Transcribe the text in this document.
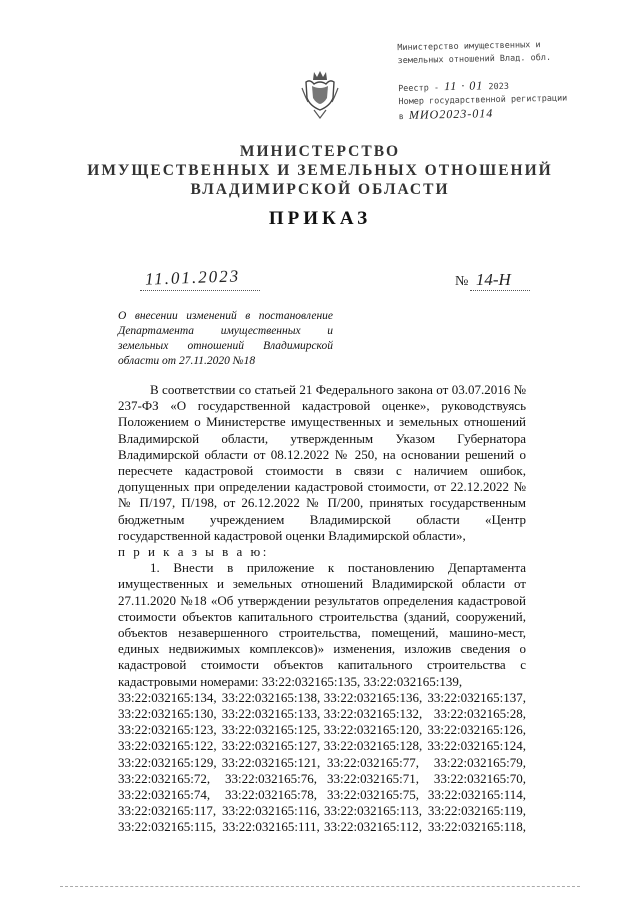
Министерство имущественных и
земельных отношений Влад. обл.

Реестр - 11 · 01 2023
Номер государственной регистрации
в МИО2023-014
МИНИСТЕРСТВО
ИМУЩЕСТВЕННЫХ И ЗЕМЕЛЬНЫХ ОТНОШЕНИЙ
ВЛАДИМИРСКОЙ ОБЛАСТИ
ПРИКАЗ
11.01.2023	№ 14-Н
О внесении изменений в постановление Департамента имущественных и земельных отношений Владимирской области от 27.11.2020 №18

В соответствии со статьей 21 Федерального закона от 03.07.2016 № 237-ФЗ «О государственной кадастровой оценке», руководствуясь Положением о Министерстве имущественных и земельных отношений Владимирской области, утвержденным Указом Губернатора Владимирской области от 08.12.2022 № 250, на основании решений о пересчете кадастровой стоимости в связи с наличием ошибок, допущенных при определении кадастровой стоимости, от 22.12.2022 №№ П/197, П/198, от 26.12.2022 № П/200, принятых государственным бюджетным учреждением Владимирской области «Центр государственной кадастровой оценки Владимирской области»,

п р и к а з ы в а ю:

1. Внести в приложение к постановлению Департамента имущественных и земельных отношений Владимирской области от 27.11.2020 №18 «Об утверждении результатов определения кадастровой стоимости объектов капитального строительства (зданий, сооружений, объектов незавершенного строительства, помещений, машино-мест, единых недвижимых комплексов)» изменения, изложив сведения о кадастровой стоимости объектов капитального строительства с кадастровыми номерами: 33:22:032165:135, 33:22:032165:139,

33:22:032165:134, 33:22:032165:138, 33:22:032165:136, 33:22:032165:137,
33:22:032165:130, 33:22:032165:133, 33:22:032165:132, 33:22:032165:28,
33:22:032165:123, 33:22:032165:125, 33:22:032165:120, 33:22:032165:126,
33:22:032165:122, 33:22:032165:127, 33:22:032165:128, 33:22:032165:124,
33:22:032165:129, 33:22:032165:121, 33:22:032165:77,	33:22:032165:79,
33:22:032165:72,	33:22:032165:76, 33:22:032165:71,	33:22:032165:70,
33:22:032165:74,	33:22:032165:78, 33:22:032165:75, 33:22:032165:114,
33:22:032165:117, 33:22:032165:116, 33:22:032165:113, 33:22:032165:119,
33:22:032165:115, 33:22:032165:111, 33:22:032165:112, 33:22:032165:118,
